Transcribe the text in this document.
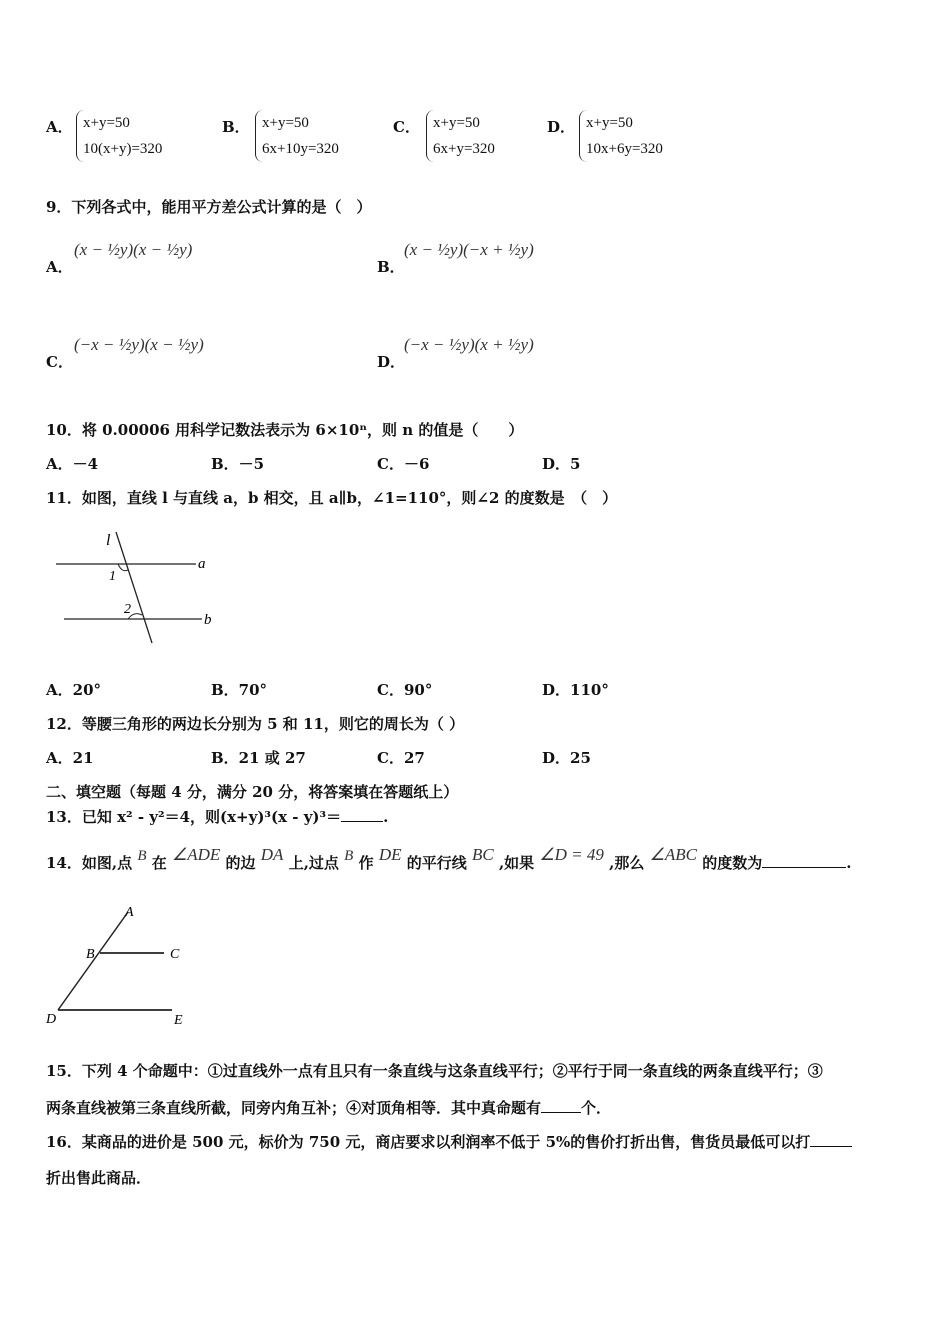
A． x+y=50
10(x+y)=320
B． x+y=50
6x+10y=320
C． x+y=50
6x+y=320
D． x+y=50
10x+6y=320
9．下列各式中，能用平方差公式计算的是（　）
A．
(x − ½y)(x − ½y)
B．
(x − ½y)(−x + ½y)
C．
(−x − ½y)(x − ½y)
D．
(−x − ½y)(x + ½y)
10．将 0.00006 用科学记数法表示为 6×10ⁿ，则 n 的值是（　　）
A．－4	B．－5	C．－6	D．5
11．如图，直线 l 与直线 a，b 相交，且 a∥b，∠1=110°，则∠2 的度数是　（　）
l
a
b
1
2
A．20°	B．70°	C．90°	D．110°
12．等腰三角形的两边长分别为 5 和 11，则它的周长为（ ）
A．21	B．21 或 27	C．27	D．25
二、填空题（每题 4 分，满分 20 分，将答案填在答题纸上）
13．已知 x² - y²＝4，则(x+y)³(x - y)³＝	.
14．如图,点 B 在 ∠ADE 的边 DA 上,过点 B 作 DE 的平行线 BC ,如果 ∠D = 49 ,那么 ∠ABC 的度数为	.
A
B	C
D	E
15．下列 4 个命题中：①过直线外一点有且只有一条直线与这条直线平行；②平行于同一条直线的两条直线平行；③
两条直线被第三条直线所截，同旁内角互补；④对顶角相等．其中真命题有	个．
16．某商品的进价是 500 元，标价为 750 元，商店要求以利润率不低于 5%的售价打折出售，售货员最低可以打
折出售此商品．
